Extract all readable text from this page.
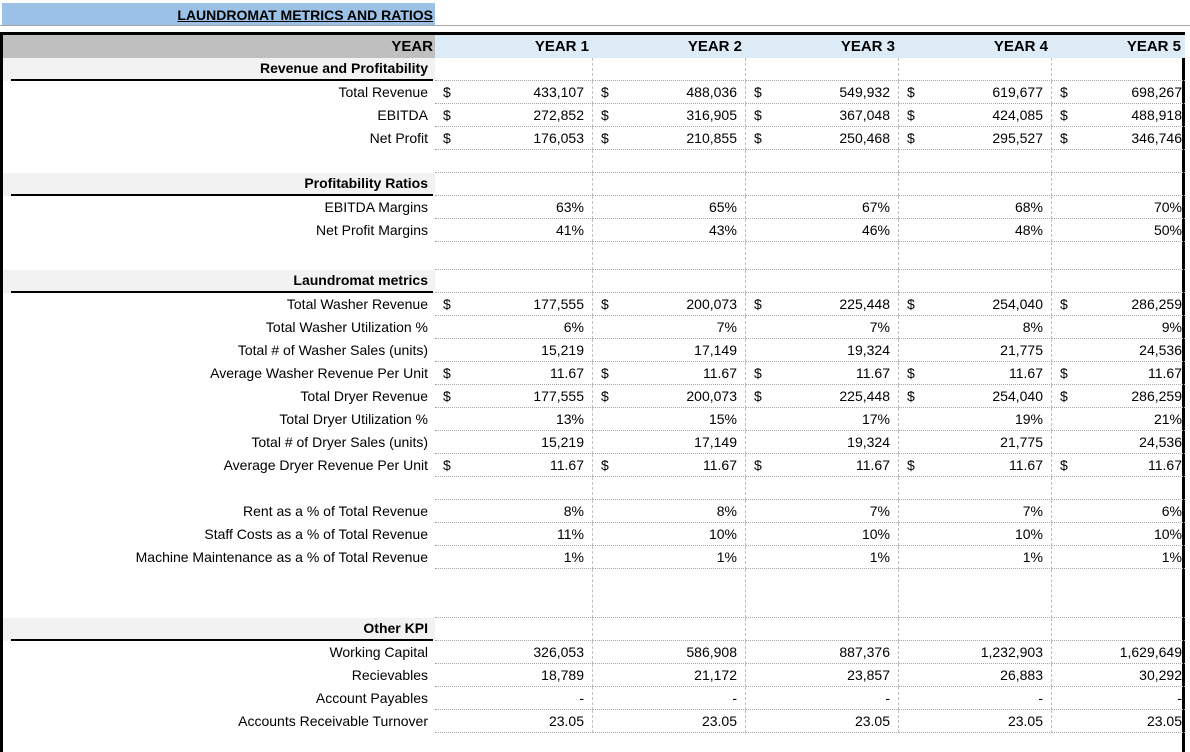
LAUNDROMAT METRICS AND RATIOS
YEAR	YEAR 1	YEAR 2	YEAR 3	YEAR 4	YEAR 5
Revenue and Profitability
Total Revenue	$	433,107	$	488,036	$	549,932	$	619,677	$	698,267
EBITDA	$	272,852	$	316,905	$	367,048	$	424,085	$	488,918
Net Profit	$	176,053	$	210,855	$	250,468	$	295,527	$	346,746
Profitability Ratios
EBITDA Margins	63%	65%	67%	68%	70%
Net Profit Margins	41%	43%	46%	48%	50%
Laundromat metrics
Total Washer Revenue	$	177,555	$	200,073	$	225,448	$	254,040	$	286,259
Total Washer Utilization %	6%	7%	7%	8%	9%
Total # of Washer Sales (units)	15,219	17,149	19,324	21,775	24,536
Average Washer Revenue Per Unit	$	11.67	$	11.67	$	11.67	$	11.67	$	11.67
Total Dryer Revenue	$	177,555	$	200,073	$	225,448	$	254,040	$	286,259
Total Dryer Utilization %	13%	15%	17%	19%	21%
Total # of Dryer Sales (units)	15,219	17,149	19,324	21,775	24,536
Average Dryer Revenue Per Unit	$	11.67	$	11.67	$	11.67	$	11.67	$	11.67
Rent as a % of Total Revenue	8%	8%	7%	7%	6%
Staff Costs as a % of Total Revenue	11%	10%	10%	10%	10%
Machine Maintenance as a % of Total Revenue	1%	1%	1%	1%	1%
Other KPI
Working Capital	326,053	586,908	887,376	1,232,903	1,629,649
Recievables	18,789	21,172	23,857	26,883	30,292
Account Payables	-	-	-	-	-
Accounts Receivable Turnover	23.05	23.05	23.05	23.05	23.05
